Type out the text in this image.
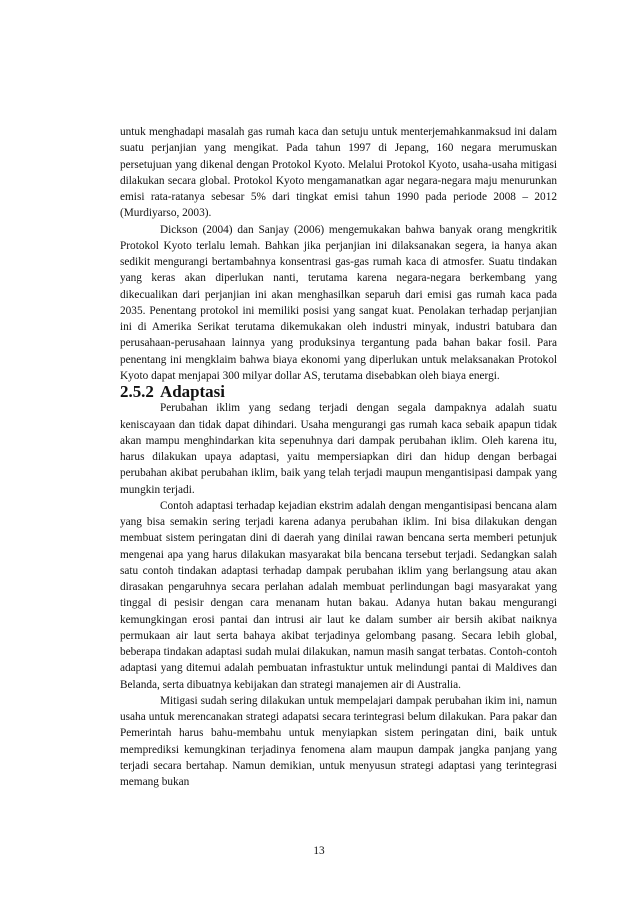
untuk menghadapi masalah gas rumah kaca dan setuju untuk menterjemahkanmaksud ini dalam suatu perjanjian yang mengikat. Pada tahun 1997 di Jepang, 160 negara merumuskan persetujuan yang dikenal dengan Protokol Kyoto. Melalui Protokol Kyoto, usaha-usaha mitigasi dilakukan secara global. Protokol Kyoto mengamanatkan agar negara-negara maju menurunkan emisi rata-ratanya sebesar 5% dari tingkat emisi tahun 1990 pada periode 2008 – 2012 (Murdiyarso, 2003).

Dickson (2004) dan Sanjay (2006) mengemukakan bahwa banyak orang mengkritik Protokol Kyoto terlalu lemah. Bahkan jika perjanjian ini dilaksanakan segera, ia hanya akan sedikit mengurangi bertambahnya konsentrasi gas-gas rumah kaca di atmosfer. Suatu tindakan yang keras akan diperlukan nanti, terutama karena negara-negara berkembang yang dikecualikan dari perjanjian ini akan menghasilkan separuh dari emisi gas rumah kaca pada 2035. Penentang protokol ini memiliki posisi yang sangat kuat. Penolakan terhadap perjanjian ini di Amerika Serikat terutama dikemukakan oleh industri minyak, industri batubara dan perusahaan-perusahaan lainnya yang produksinya tergantung pada bahan bakar fosil. Para penentang ini mengklaim bahwa biaya ekonomi yang diperlukan untuk melaksanakan Protokol Kyoto dapat menjapai 300 milyar dollar AS, terutama disebabkan oleh biaya energi.

2.5.2 Adaptasi

Perubahan iklim yang sedang terjadi dengan segala dampaknya adalah suatu keniscayaan dan tidak dapat dihindari. Usaha mengurangi gas rumah kaca sebaik apapun tidak akan mampu menghindarkan kita sepenuhnya dari dampak perubahan iklim. Oleh karena itu, harus dilakukan upaya adaptasi, yaitu mempersiapkan diri dan hidup dengan berbagai perubahan akibat perubahan iklim, baik yang telah terjadi maupun mengantisipasi dampak yang mungkin terjadi.

Contoh adaptasi terhadap kejadian ekstrim adalah dengan mengantisipasi bencana alam yang bisa semakin sering terjadi karena adanya perubahan iklim. Ini bisa dilakukan dengan membuat sistem peringatan dini di daerah yang dinilai rawan bencana serta memberi petunjuk mengenai apa yang harus dilakukan masyarakat bila bencana tersebut terjadi. Sedangkan salah satu contoh tindakan adaptasi terhadap dampak perubahan iklim yang berlangsung atau akan dirasakan pengaruhnya secara perlahan adalah membuat perlindungan bagi masyarakat yang tinggal di pesisir dengan cara menanam hutan bakau. Adanya hutan bakau mengurangi kemungkingan erosi pantai dan intrusi air laut ke dalam sumber air bersih akibat naiknya permukaan air laut serta bahaya akibat terjadinya gelombang pasang. Secara lebih global, beberapa tindakan adaptasi sudah mulai dilakukan, namun masih sangat terbatas. Contoh-contoh adaptasi yang ditemui adalah pembuatan infrastuktur untuk melindungi pantai di Maldives dan Belanda, serta dibuatnya kebijakan dan strategi manajemen air di Australia.

Mitigasi sudah sering dilakukan untuk mempelajari dampak perubahan ikim ini, namun usaha untuk merencanakan strategi adapatsi secara terintegrasi belum dilakukan. Para pakar dan Pemerintah harus bahu-membahu untuk menyiapkan sistem peringatan dini, baik untuk memprediksi kemungkinan terjadinya fenomena alam maupun dampak jangka panjang yang terjadi secara bertahap. Namun demikian, untuk menyusun strategi adaptasi yang terintegrasi memang bukan

13
